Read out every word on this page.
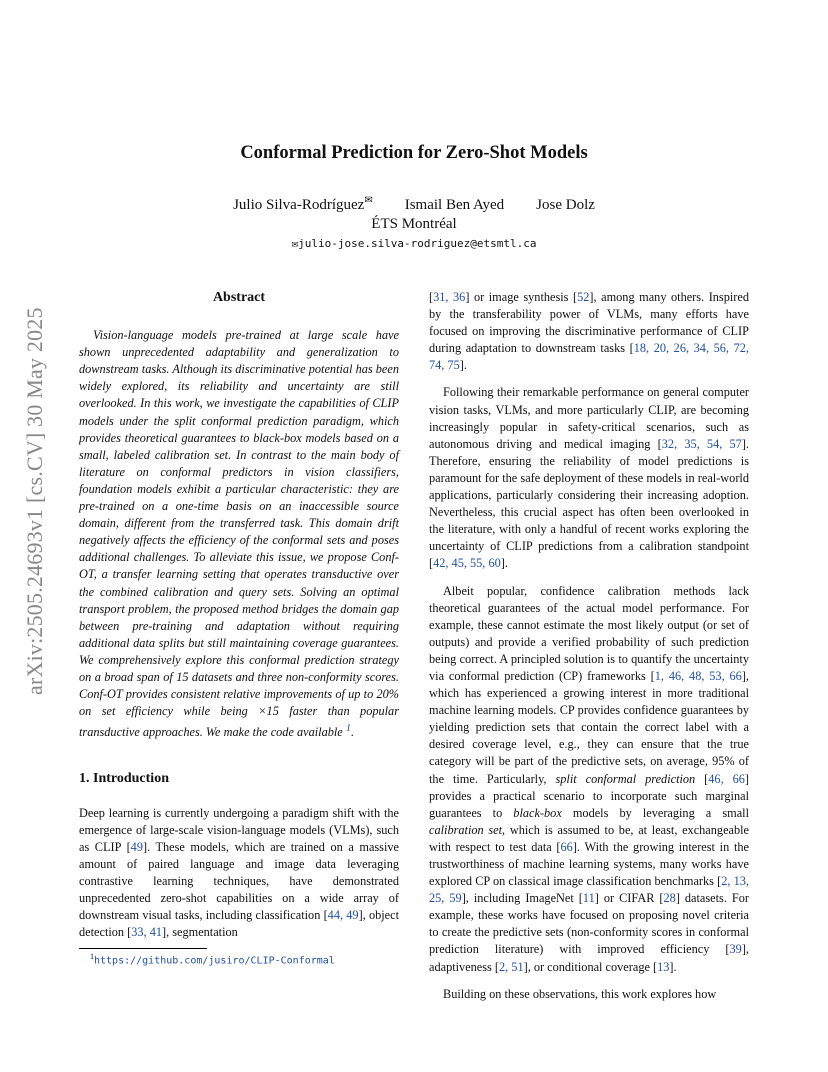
arXiv:2505.24693v1 [cs.CV] 30 May 2025
Conformal Prediction for Zero-Shot Models
Julio Silva-Rodríguez✉ Ismail Ben Ayed Jose Dolz
ÉTS Montréal
✉julio-jose.silva-rodriguez@etsmtl.ca
Abstract

Vision-language models pre-trained at large scale have shown unprecedented adaptability and generalization to downstream tasks. Although its discriminative potential has been widely explored, its reliability and uncertainty are still overlooked. In this work, we investigate the capabilities of CLIP models under the split conformal prediction paradigm, which provides theoretical guarantees to black-box models based on a small, labeled calibration set. In contrast to the main body of literature on conformal predictors in vision classifiers, foundation models exhibit a particular characteristic: they are pre-trained on a one-time basis on an inaccessible source domain, different from the transferred task. This domain drift negatively affects the efficiency of the conformal sets and poses additional challenges. To alleviate this issue, we propose Conf-OT, a transfer learning setting that operates transductive over the combined calibration and query sets. Solving an optimal transport problem, the proposed method bridges the domain gap between pre-training and adaptation without requiring additional data splits but still maintaining coverage guarantees. We comprehensively explore this conformal prediction strategy on a broad span of 15 datasets and three non-conformity scores. Conf-OT provides consistent relative improvements of up to 20% on set efficiency while being ×15 faster than popular transductive approaches. We make the code available $^1$.

1. Introduction

Deep learning is currently undergoing a paradigm shift with the emergence of large-scale vision-language models (VLMs), such as CLIP [49]. These models, which are trained on a massive amount of paired language and image data leveraging contrastive learning techniques, have demonstrated unprecedented zero-shot capabilities on a wide array of downstream visual tasks, including classification [44, 49], object detection [33, 41], segmentation

[31, 36] or image synthesis [52], among many others. Inspired by the transferability power of VLMs, many efforts have focused on improving the discriminative performance of CLIP during adaptation to downstream tasks [18, 20, 26, 34, 56, 72, 74, 75].

Following their remarkable performance on general computer vision tasks, VLMs, and more particularly CLIP, are becoming increasingly popular in safety-critical scenarios, such as autonomous driving and medical imaging [32, 35, 54, 57]. Therefore, ensuring the reliability of model predictions is paramount for the safe deployment of these models in real-world applications, particularly considering their increasing adoption. Nevertheless, this crucial aspect has often been overlooked in the literature, with only a handful of recent works exploring the uncertainty of CLIP predictions from a calibration standpoint [42, 45, 55, 60].

Albeit popular, confidence calibration methods lack theoretical guarantees of the actual model performance. For example, these cannot estimate the most likely output (or set of outputs) and provide a verified probability of such prediction being correct. A principled solution is to quantify the uncertainty via conformal prediction (CP) frameworks [1, 46, 48, 53, 66], which has experienced a growing interest in more traditional machine learning models. CP provides confidence guarantees by yielding prediction sets that contain the correct label with a desired coverage level, e.g., they can ensure that the true category will be part of the predictive sets, on average, 95% of the time. Particularly, split conformal prediction [46, 66] provides a practical scenario to incorporate such marginal guarantees to black-box models by leveraging a small calibration set, which is assumed to be, at least, exchangeable with respect to test data [66]. With the growing interest in the trustworthiness of machine learning systems, many works have explored CP on classical image classification benchmarks [2, 13, 25, 59], including ImageNet [11] or CIFAR [28] datasets. For example, these works have focused on proposing novel criteria to create the predictive sets (non-conformity scores in conformal prediction literature) with improved efficiency [39], adaptiveness [2, 51], or conditional coverage [13].

Building on these observations, this work explores how

$^1$https://github.com/jusiro/CLIP-Conformal
